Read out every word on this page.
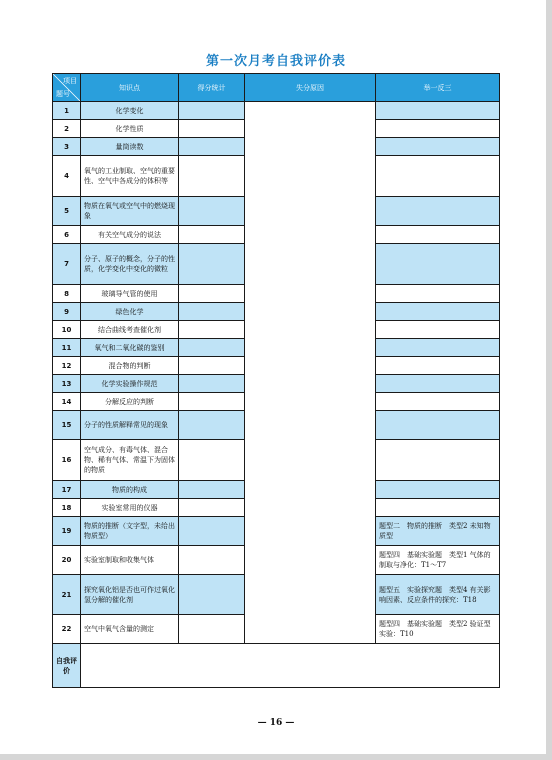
第一次月考自我评价表
项目
题号	知识点	得分统计	失分原因	举一反三
1	化学变化			
2	化学性质			
3	量筒读数			
4	氧气的工业制取、空气的重要性、空气中各成分的体积等			
5	物质在氧气或空气中的燃烧现象			
6	有关空气成分的说法			
7	分子、原子的概念，分子的性质，化学变化中变化的微粒			
8	玻璃导气管的使用			
9	绿色化学			
10	结合曲线考查催化剂			
11	氧气和二氧化碳的鉴别			
12	混合物的判断			
13	化学实验操作规范			
14	分解反应的判断			
15	分子的性质解释常见的现象			
16	空气成分、有毒气体、混合物、稀有气体、常温下为固体的物质			
17	物质的构成			
18	实验室常用的仪器			
19	物质的推断（文字型，未给出物质型）			题型二　物质的推断　类型2 未知物质型
20	实验室制取和收集气体			题型四　基础实验题　类型1 气体的制取与净化：T1～T7
21	探究氧化铝是否也可作过氧化氢分解的催化剂			题型五　实验探究题　类型4 有关影响因素、反应条件的探究：T18
22	空气中氧气含量的测定			题型四　基础实验题　类型2 验证型实验：T10
自我评价				
— 16 —
